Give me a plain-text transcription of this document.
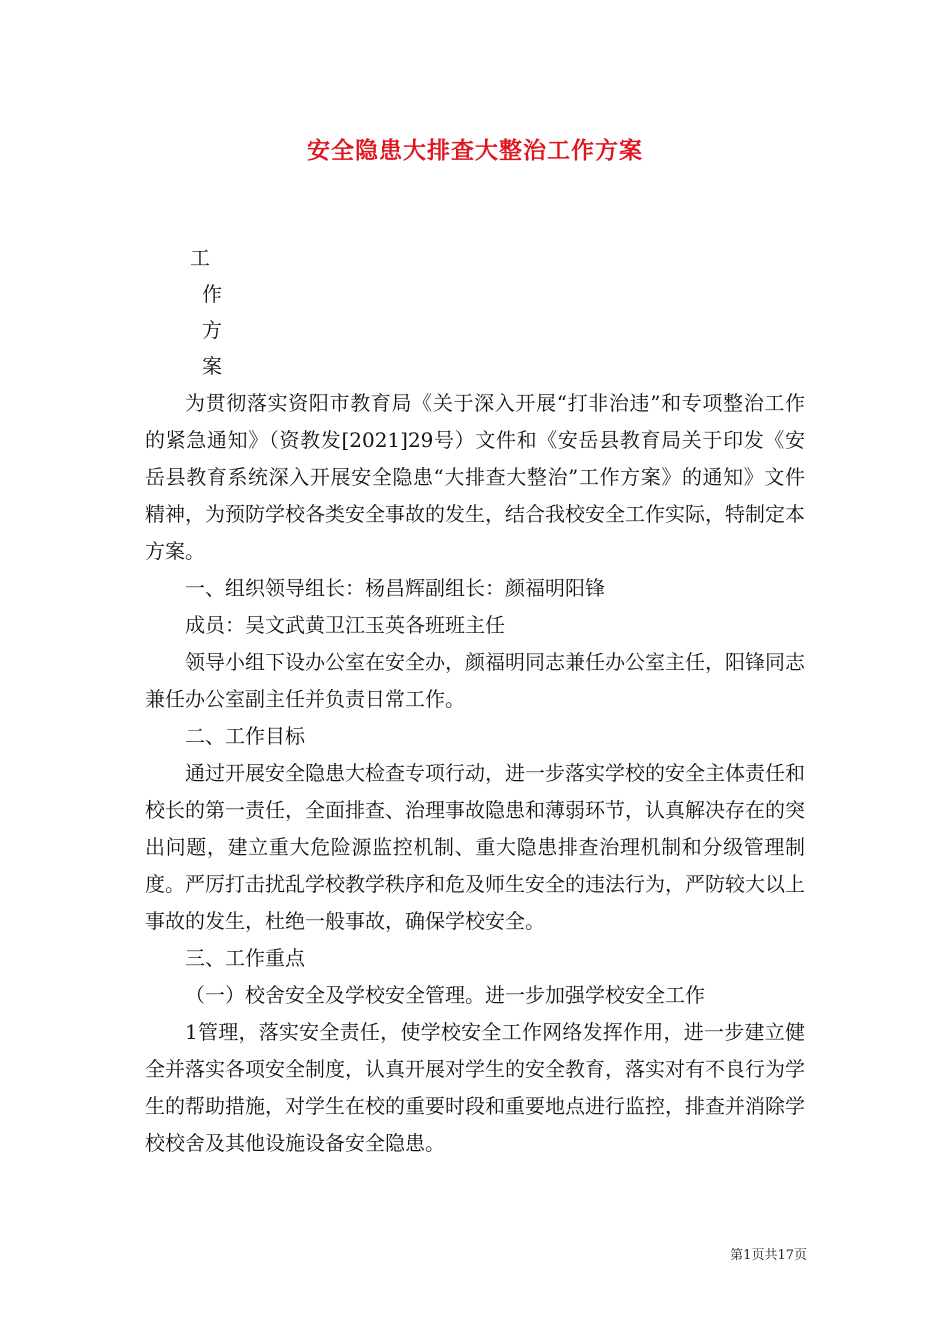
安全隐患大排查大整治工作方案
工
作
方
案

为贯彻落实资阳市教育局《关于深入开展“打非治违”和专项整治工作的紧急通知》（资教发[2021]29号）文件和《安岳县教育局关于印发《安岳县教育系统深入开展安全隐患“大排查大整治”工作方案》的通知》文件精神，为预防学校各类安全事故的发生，结合我校安全工作实际，特制定本方案。

一、组织领导组长：杨昌辉副组长：颜福明阳锋

成员：吴文武黄卫江玉英各班班主任

领导小组下设办公室在安全办，颜福明同志兼任办公室主任，阳锋同志兼任办公室副主任并负责日常工作。

二、工作目标

通过开展安全隐患大检查专项行动，进一步落实学校的安全主体责任和校长的第一责任，全面排查、治理事故隐患和薄弱环节，认真解决存在的突出问题，建立重大危险源监控机制、重大隐患排查治理机制和分级管理制度。严厉打击扰乱学校教学秩序和危及师生安全的违法行为，严防较大以上事故的发生，杜绝一般事故，确保学校安全。

三、工作重点

（一）校舍安全及学校安全管理。进一步加强学校安全工作

1管理，落实安全责任，使学校安全工作网络发挥作用，进一步建立健全并落实各项安全制度，认真开展对学生的安全教育，落实对有不良行为学生的帮助措施，对学生在校的重要时段和重要地点进行监控，排查并消除学校校舍及其他设施设备安全隐患。

第1页共17页
